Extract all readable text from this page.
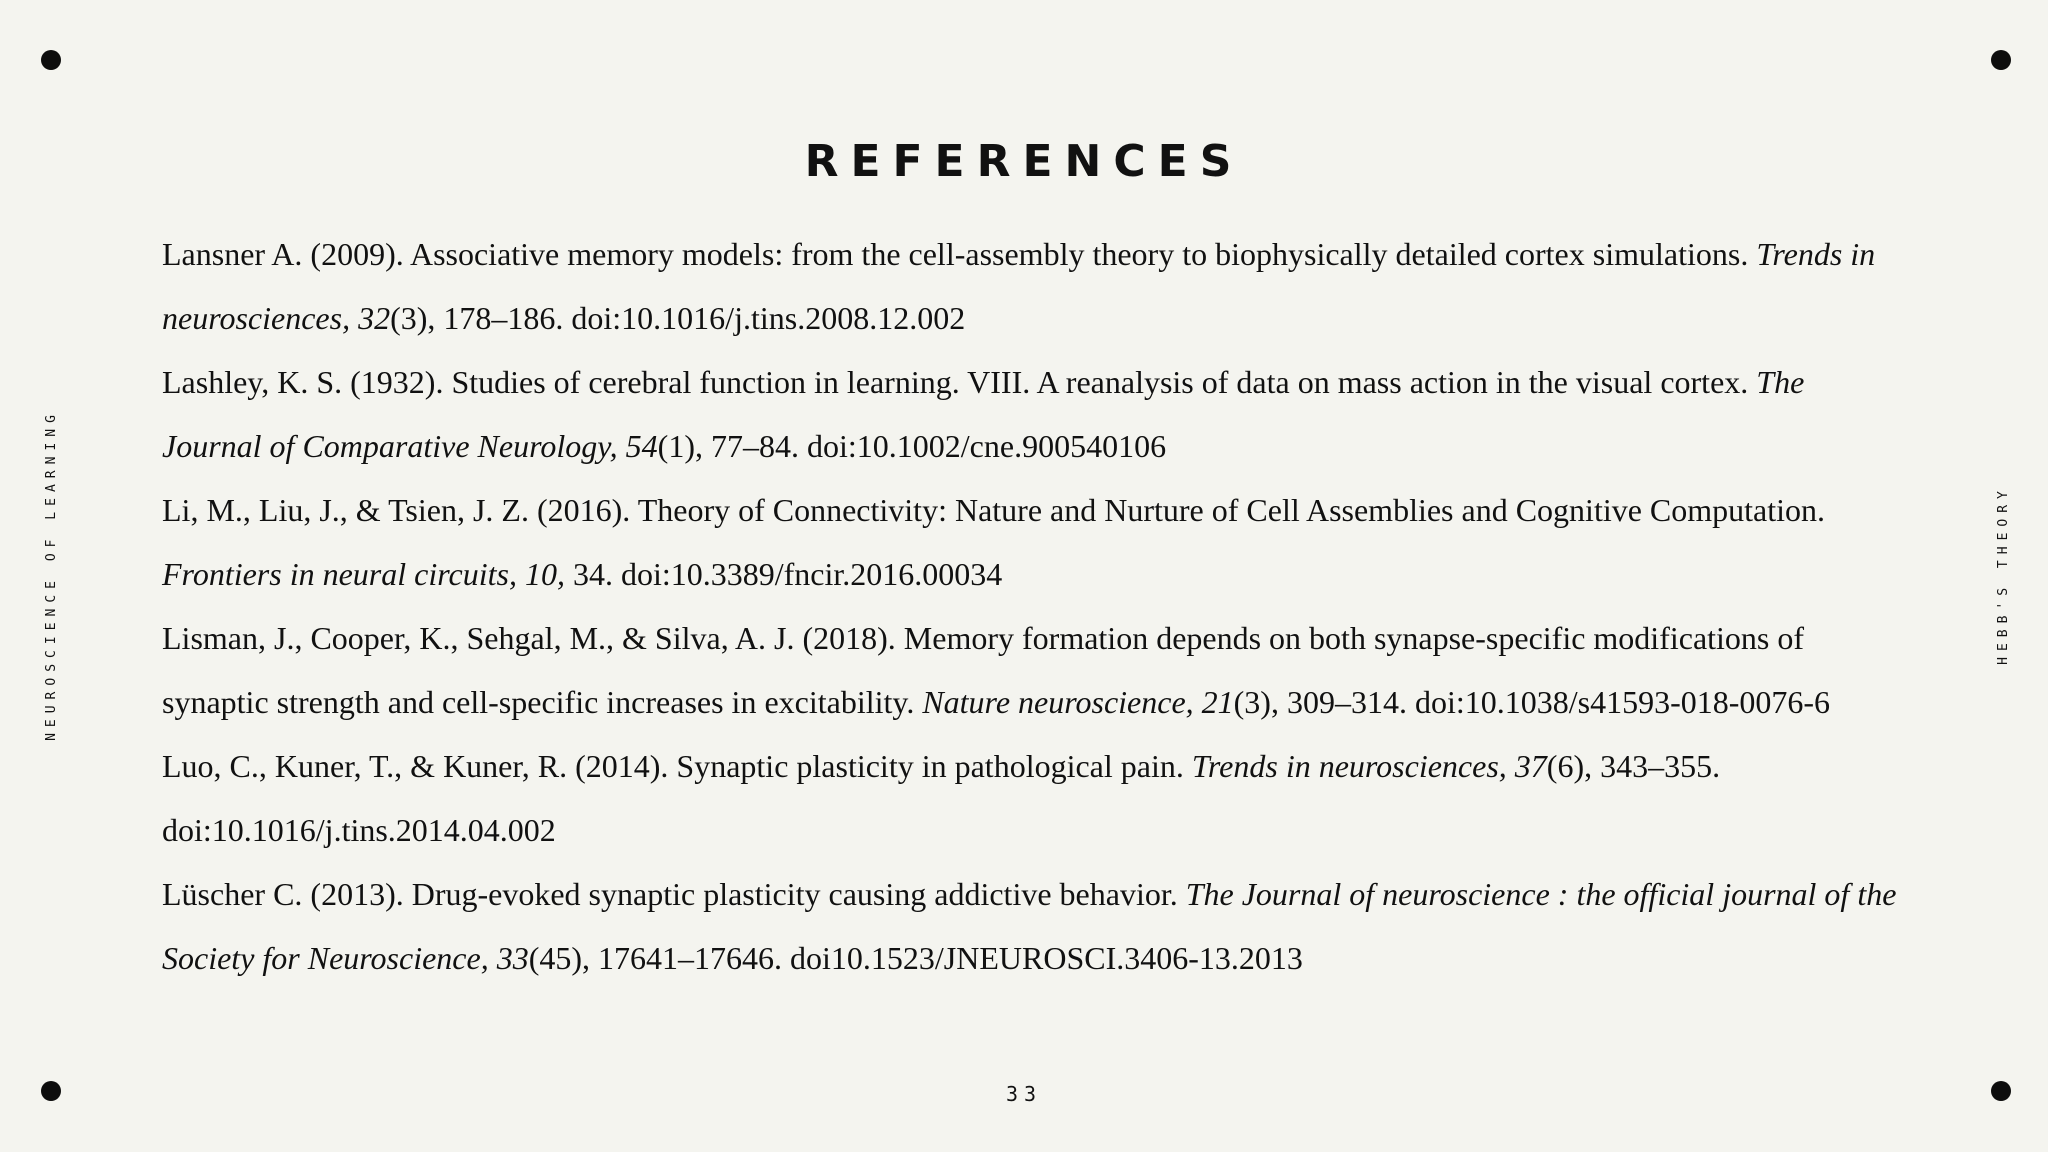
REFERENCES
NEUROSCIENCE OF LEARNING	HEBB'S THEORY

Lansner A. (2009). Associative memory models: from the cell-assembly theory to biophysically detailed cortex simulations. Trends in neurosciences, 32(3), 178–186. doi:10.1016/j.tins.2008.12.002

Lashley, K. S. (1932). Studies of cerebral function in learning. VIII. A reanalysis of data on mass action in the visual cortex. The Journal of Comparative Neurology, 54(1), 77–84. doi:10.1002/cne.900540106

Li, M., Liu, J., & Tsien, J. Z. (2016). Theory of Connectivity: Nature and Nurture of Cell Assemblies and Cognitive Computation. Frontiers in neural circuits, 10, 34. doi:10.3389/fncir.2016.00034

Lisman, J., Cooper, K., Sehgal, M., & Silva, A. J. (2018). Memory formation depends on both synapse-specific modifications of synaptic strength and cell-specific increases in excitability. Nature neuroscience, 21(3), 309–314. doi:10.1038/s41593-018-0076-6

Luo, C., Kuner, T., & Kuner, R. (2014). Synaptic plasticity in pathological pain. Trends in neurosciences, 37(6), 343–355. doi:10.1016/j.tins.2014.04.002

Lüscher C. (2013). Drug-evoked synaptic plasticity causing addictive behavior. The Journal of neuroscience : the official journal of the Society for Neuroscience, 33(45), 17641–17646. doi10.1523/JNEUROSCI.3406-13.2013

33
